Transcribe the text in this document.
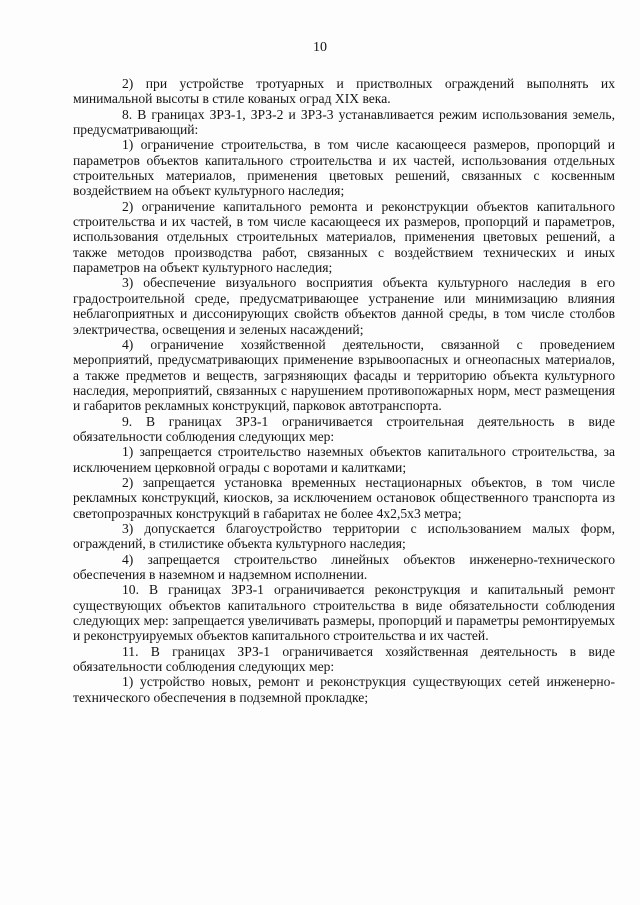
10

2) при устройстве тротуарных и пристволных ограждений выполнять их минимальной высоты в стиле кованых оград XIX века.

8. В границах ЗРЗ-1, ЗРЗ-2 и ЗРЗ-3 устанавливается режим использования земель, предусматривающий:

1) ограничение строительства, в том числе касающееся размеров, пропорций и параметров объектов капитального строительства и их частей, использования отдельных строительных материалов, применения цветовых решений, связанных с косвенным воздействием на объект культурного наследия;

2) ограничение капитального ремонта и реконструкции объектов капитального строительства и их частей, в том числе касающееся их размеров, пропорций и параметров, использования отдельных строительных материалов, применения цветовых решений, а также методов производства работ, связанных с воздействием технических и иных параметров на объект культурного наследия;

3) обеспечение визуального восприятия объекта культурного наследия в его градостроительной среде, предусматривающее устранение или минимизацию влияния неблагоприятных и диссонирующих свойств объектов данной среды, в том числе столбов электричества, освещения и зеленых насаждений;

4) ограничение хозяйственной деятельности, связанной с проведением мероприятий, предусматривающих применение взрывоопасных и огнеопасных материалов, а также предметов и веществ, загрязняющих фасады и территорию объекта культурного наследия, мероприятий, связанных с нарушением противопожарных норм, мест размещения и габаритов рекламных конструкций, парковок автотранспорта.

9. В границах ЗРЗ-1 ограничивается строительная деятельность в виде обязательности соблюдения следующих мер:

1) запрещается строительство наземных объектов капитального строительства, за исключением церковной ограды с воротами и калитками;

2) запрещается установка временных нестационарных объектов, в том числе рекламных конструкций, киосков, за исключением остановок общественного транспорта из светопрозрачных конструкций в габаритах не более 4х2,5х3 метра;

3) допускается благоустройство территории с использованием малых форм, ограждений, в стилистике объекта культурного наследия;

4) запрещается строительство линейных объектов инженерно-технического обеспечения в наземном и надземном исполнении.

10. В границах ЗРЗ-1 ограничивается реконструкция и капитальный ремонт существующих объектов капитального строительства в виде обязательности соблюдения следующих мер: запрещается увеличивать размеры, пропорций и параметры ремонтируемых и реконструируемых объектов капитального строительства и их частей.

11. В границах ЗРЗ-1 ограничивается хозяйственная деятельность в виде обязательности соблюдения следующих мер:

1) устройство новых, ремонт и реконструкция существующих сетей инженерно-технического обеспечения в подземной прокладке;
